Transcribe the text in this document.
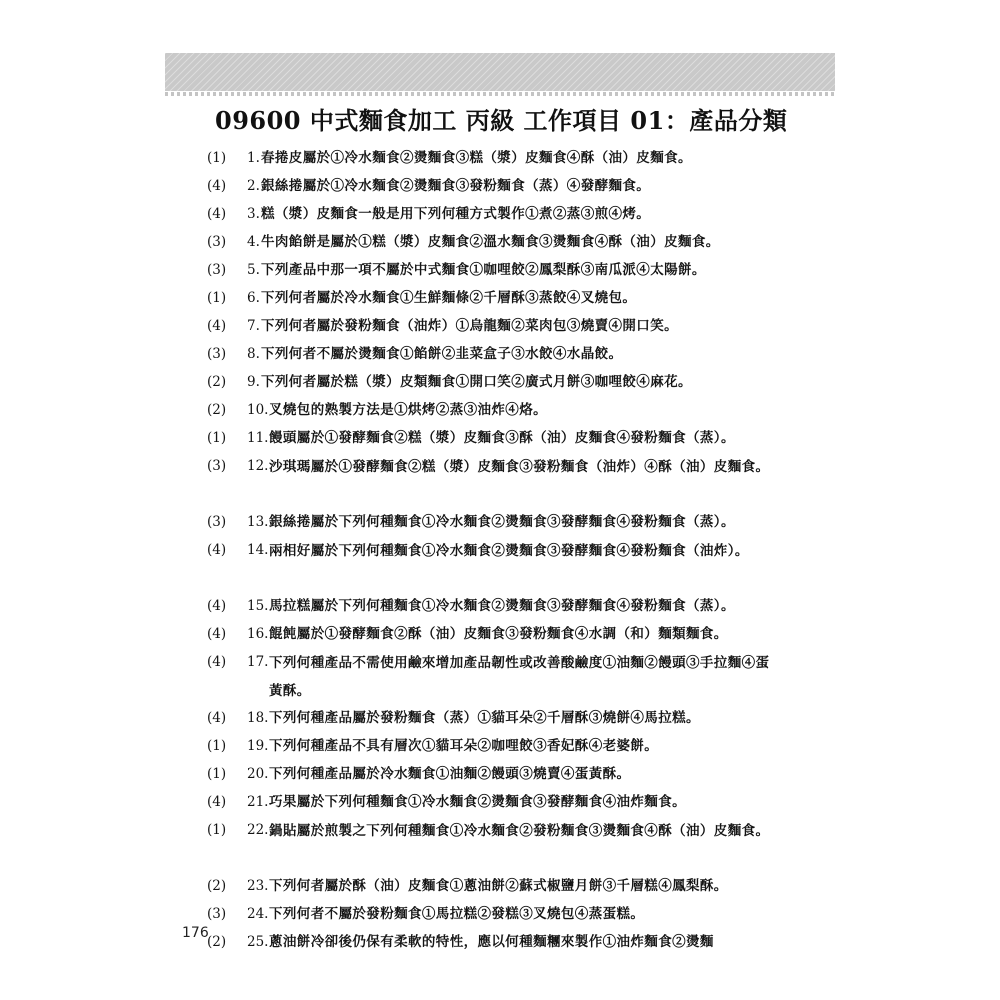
09600 中式麵食加工 丙級 工作項目 01：產品分類
(1)	1. 春捲皮屬於①冷水麵食②燙麵食③糕（漿）皮麵食④酥（油）皮麵食。
(4)	2. 銀絲捲屬於①冷水麵食②燙麵食③發粉麵食（蒸）④發酵麵食。
(4)	3. 糕（漿）皮麵食一般是用下列何種方式製作①煮②蒸③煎④烤。
(3)	4. 牛肉餡餅是屬於①糕（漿）皮麵食②溫水麵食③燙麵食④酥（油）皮麵食。
(3)	5. 下列產品中那一項不屬於中式麵食①咖哩餃②鳳梨酥③南瓜派④太陽餅。
(1)	6. 下列何者屬於冷水麵食①生鮮麵條②千層酥③蒸餃④叉燒包。
(4)	7. 下列何者屬於發粉麵食（油炸）①烏龍麵②菜肉包③燒賣④開口笑。
(3)	8. 下列何者不屬於燙麵食①餡餅②韭菜盒子③水餃④水晶餃。
(2)	9. 下列何者屬於糕（漿）皮類麵食①開口笑②廣式月餅③咖哩餃④麻花。
(2)	10. 叉燒包的熟製方法是①烘烤②蒸③油炸④烙。
(1)	11. 饅頭屬於①發酵麵食②糕（漿）皮麵食③酥（油）皮麵食④發粉麵食（蒸）。
(3)	12. 沙琪瑪屬於①發酵麵食②糕（漿）皮麵食③發粉麵食（油炸）④酥（油）皮麵食。
(3)	13. 銀絲捲屬於下列何種麵食①冷水麵食②燙麵食③發酵麵食④發粉麵食（蒸）。
(4)	14. 兩相好屬於下列何種麵食①冷水麵食②燙麵食③發酵麵食④發粉麵食（油炸）。
(4)	15. 馬拉糕屬於下列何種麵食①冷水麵食②燙麵食③發酵麵食④發粉麵食（蒸）。
(4)	16. 餛飩屬於①發酵麵食②酥（油）皮麵食③發粉麵食④水調（和）麵類麵食。
(4)	17. 下列何種產品不需使用鹼來增加產品韌性或改善酸鹼度①油麵②饅頭③手拉麵④蛋黃酥。
(4)	18. 下列何種產品屬於發粉麵食（蒸）①貓耳朵②千層酥③燒餅④馬拉糕。
(1)	19. 下列何種產品不具有層次①貓耳朵②咖哩餃③香妃酥④老婆餅。
(1)	20. 下列何種產品屬於冷水麵食①油麵②饅頭③燒賣④蛋黃酥。
(4)	21. 巧果屬於下列何種麵食①冷水麵食②燙麵食③發酵麵食④油炸麵食。
(1)	22. 鍋貼屬於煎製之下列何種麵食①冷水麵食②發粉麵食③燙麵食④酥（油）皮麵食。
(2)	23. 下列何者屬於酥（油）皮麵食①蔥油餅②蘇式椒鹽月餅③千層糕④鳳梨酥。
(3)	24. 下列何者不屬於發粉麵食①馬拉糕②發糕③叉燒包④蒸蛋糕。
(2)	25. 蔥油餅冷卻後仍保有柔軟的特性，應以何種麵糰來製作①油炸麵食②燙麵
176
